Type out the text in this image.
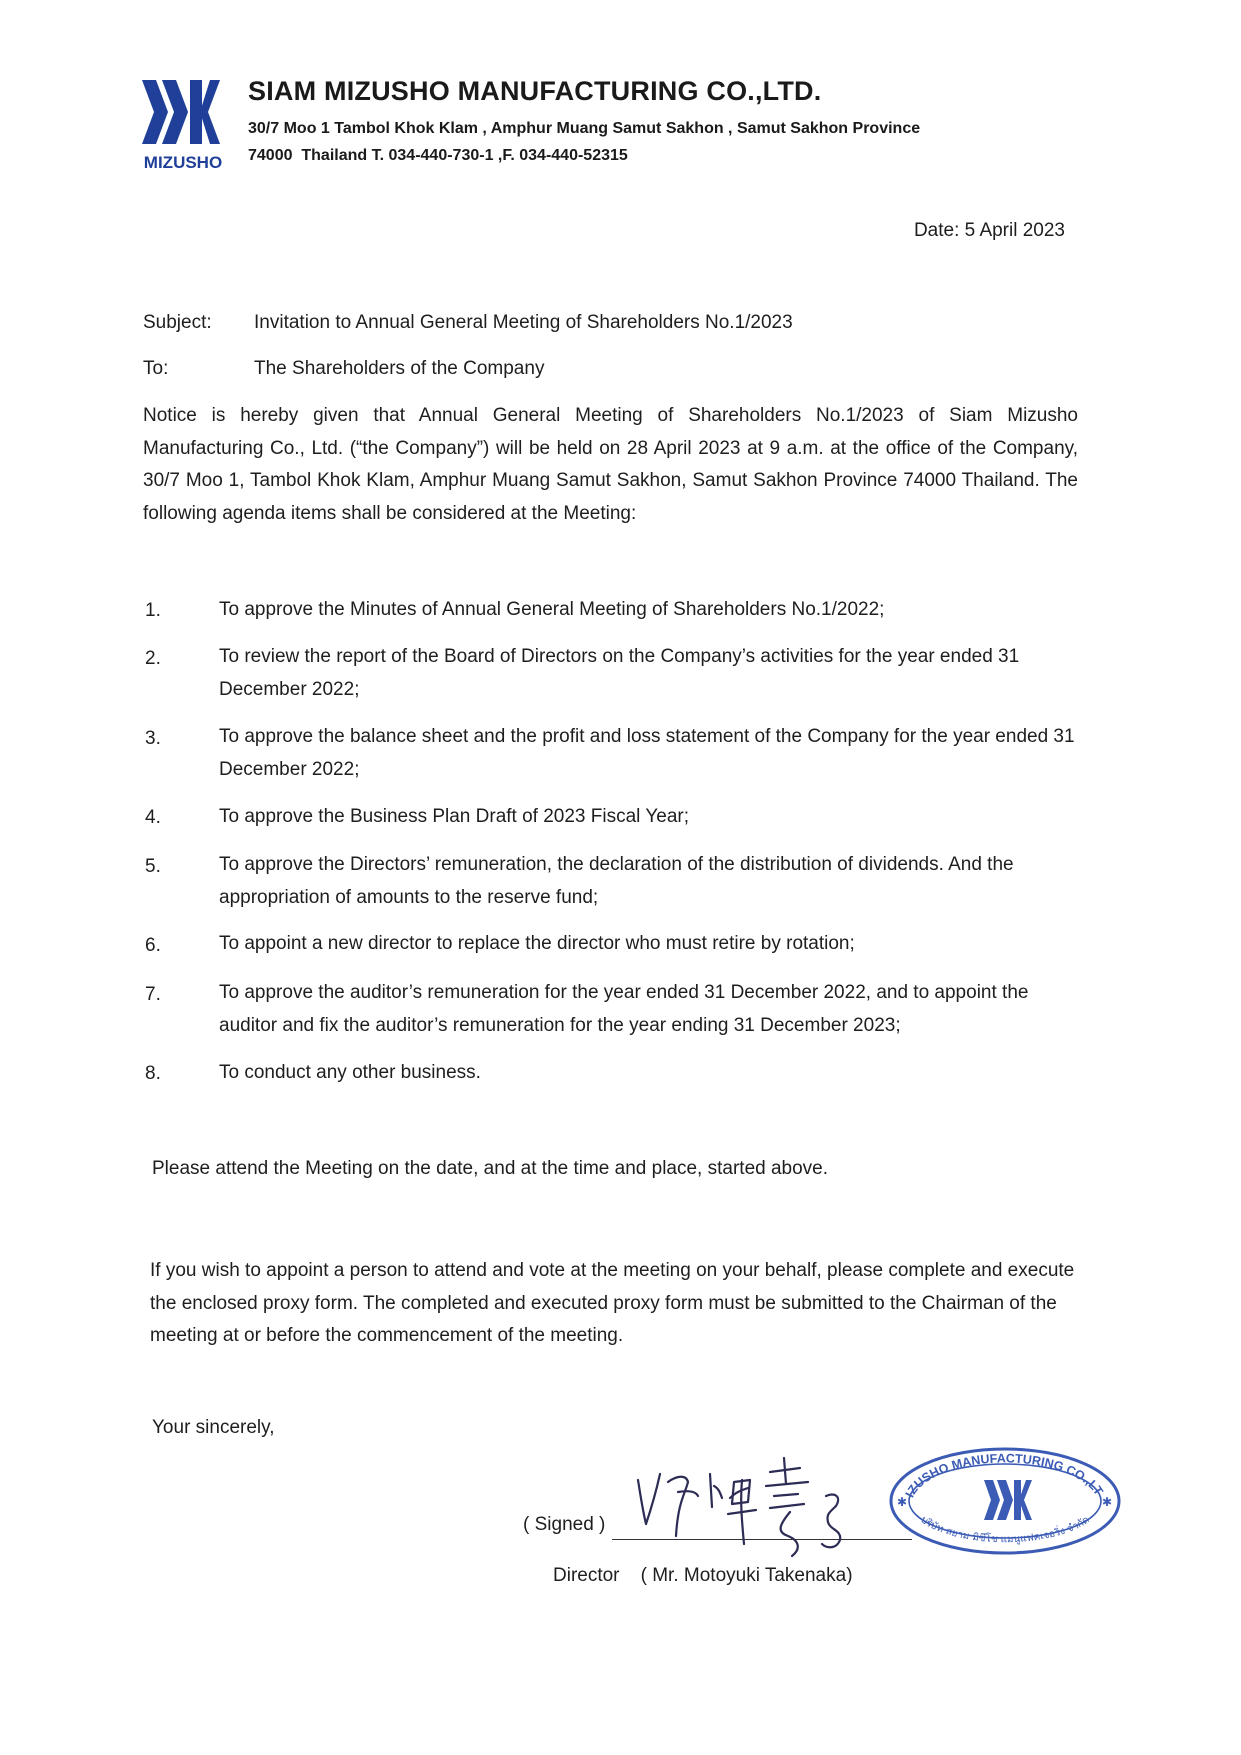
MIZUSHO
SIAM MIZUSHO MANUFACTURING CO.,LTD.
30/7 Moo 1 Tambol Khok Klam , Amphur Muang Samut Sakhon , Samut Sakhon Province
74000  Thailand T. 034-440-730-1 ,F. 034-440-52315
Date: 5 April 2023
Subject: Invitation to Annual General Meeting of Shareholders No.1/2023
To:	The Shareholders of the Company
Notice is hereby given that Annual General Meeting of Shareholders No.1/2023 of Siam Mizusho Manufacturing Co., Ltd. (“the Company”) will be held on 28 April 2023 at 9 a.m. at the office of the Company, 30/7 Moo 1, Tambol Khok Klam, Amphur Muang Samut Sakhon, Samut Sakhon Province 74000 Thailand. The following agenda items shall be considered at the Meeting:
1.	To approve the Minutes of Annual General Meeting of Shareholders No.1/2022;
2.	To review the report of the Board of Directors on the Company’s activities for the year ended 31 December 2022;
3.	To approve the balance sheet and the profit and loss statement of the Company for the year ended 31 December 2022;
4.	To approve the Business Plan Draft of 2023 Fiscal Year;
5.	To approve the Directors’ remuneration, the declaration of the distribution of dividends. And the appropriation of amounts to the reserve fund;
6.	To appoint a new director to replace the director who must retire by rotation;
7.	To approve the auditor’s remuneration for the year ended 31 December 2022, and to appoint the auditor and fix the auditor’s remuneration for the year ending 31 December 2023;
8.	To conduct any other business.
Please attend the Meeting on the date, and at the time and place, started above.
If you wish to appoint a person to attend and vote at the meeting on your behalf, please complete and execute the enclosed proxy form. The completed and executed proxy form must be submitted to the Chairman of the meeting at or before the commencement of the meeting.
Your sincerely,
( Signed )
IZUSHO MANUFACTURING CO.,LT
บริษัท สยาม มิซึโช แมนูแฟคเจอริ่ง จำกัด
✱	✱
Director    ( Mr. Motoyuki Takenaka)
